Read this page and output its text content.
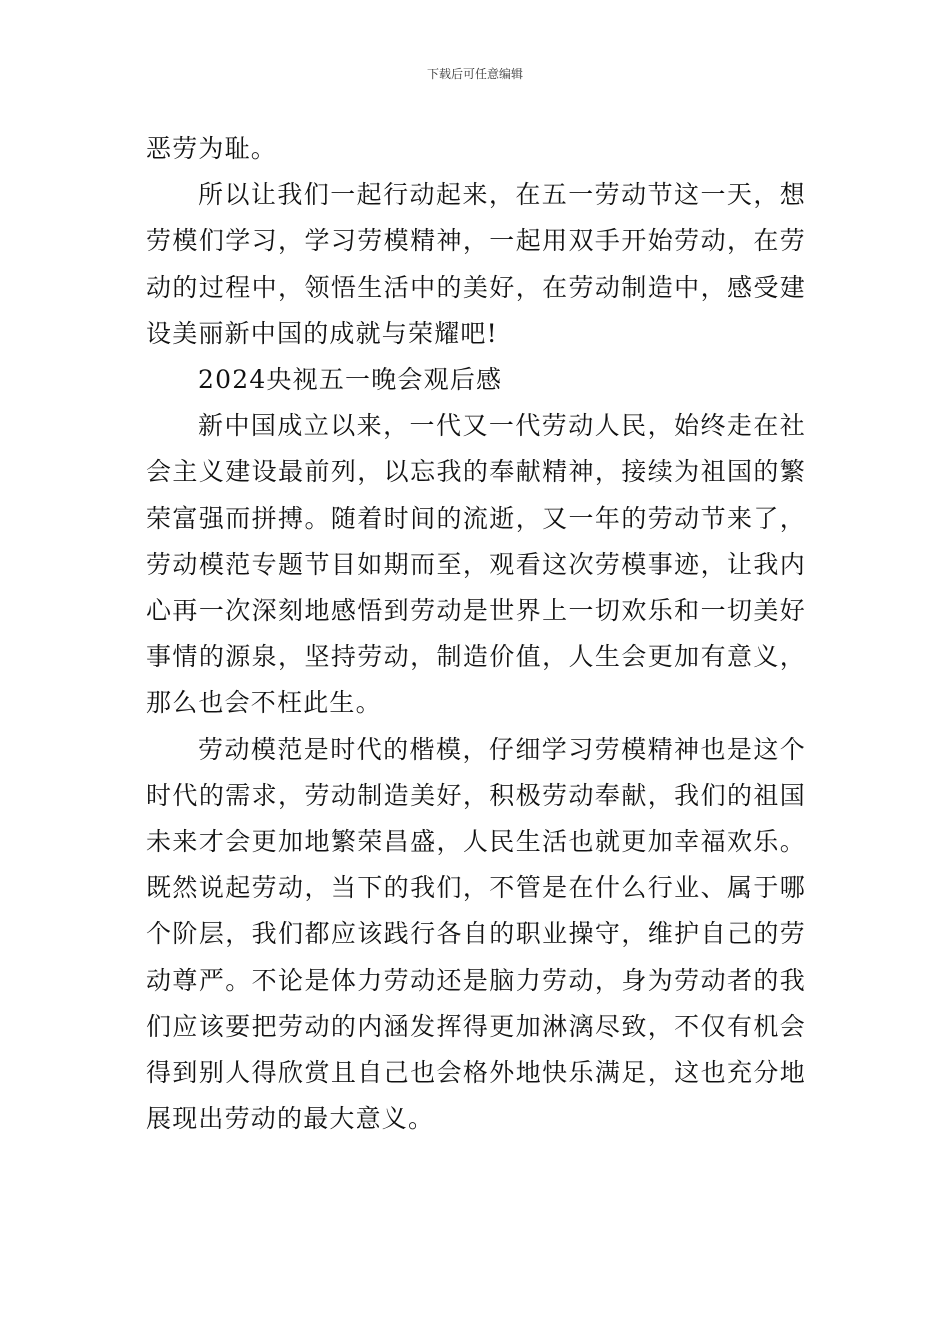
下载后可任意编辑

恶劳为耻。

所以让我们一起行动起来，在五一劳动节这一天，想劳模们学习，学习劳模精神，一起用双手开始劳动，在劳动的过程中，领悟生活中的美好，在劳动制造中，感受建设美丽新中国的成就与荣耀吧!

2024央视五一晚会观后感

新中国成立以来，一代又一代劳动人民，始终走在社会主义建设最前列，以忘我的奉献精神，接续为祖国的繁荣富强而拼搏。随着时间的流逝，又一年的劳动节来了，劳动模范专题节目如期而至，观看这次劳模事迹，让我内心再一次深刻地感悟到劳动是世界上一切欢乐和一切美好事情的源泉，坚持劳动，制造价值，人生会更加有意义，那么也会不枉此生。

劳动模范是时代的楷模，仔细学习劳模精神也是这个时代的需求，劳动制造美好，积极劳动奉献，我们的祖国未来才会更加地繁荣昌盛，人民生活也就更加幸福欢乐。既然说起劳动，当下的我们，不管是在什么行业、属于哪个阶层，我们都应该践行各自的职业操守，维护自己的劳动尊严。不论是体力劳动还是脑力劳动，身为劳动者的我们应该要把劳动的内涵发挥得更加淋漓尽致，不仅有机会得到别人得欣赏且自己也会格外地快乐满足，这也充分地展现出劳动的最大意义。
